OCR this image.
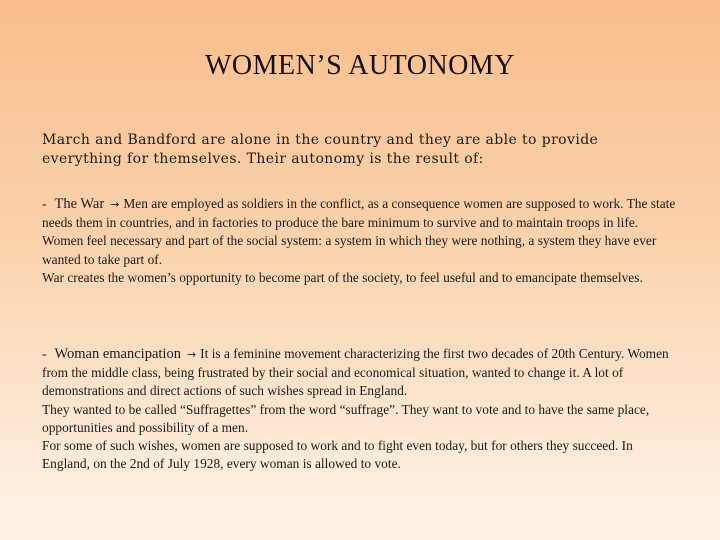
WOMEN’S AUTONOMY
March and Bandford are alone in the country and they are able to provide everything for themselves. Their autonomy is the result of:

- The War → Men are employed as soldiers in the conflict, as a consequence women are supposed to work. The state needs them in countries, and in factories to produce the bare minimum to survive and to maintain troops in life.

Women feel necessary and part of the social system: a system in which they were nothing, a system they have ever wanted to take part of.

War creates the women’s opportunity to become part of the society, to feel useful and to emancipate themselves.

- Woman emancipation → It is a feminine movement characterizing the first two decades of 20th Century. Women from the middle class, being frustrated by their social and economical situation, wanted to change it. A lot of demonstrations and direct actions of such wishes spread in England.

They wanted to be called “Suffragettes” from the word “suffrage”. They want to vote and to have the same place, opportunities and possibility of a men.

For some of such wishes, women are supposed to work and to fight even today, but for others they succeed. In England, on the 2nd of July 1928, every woman is allowed to vote.
